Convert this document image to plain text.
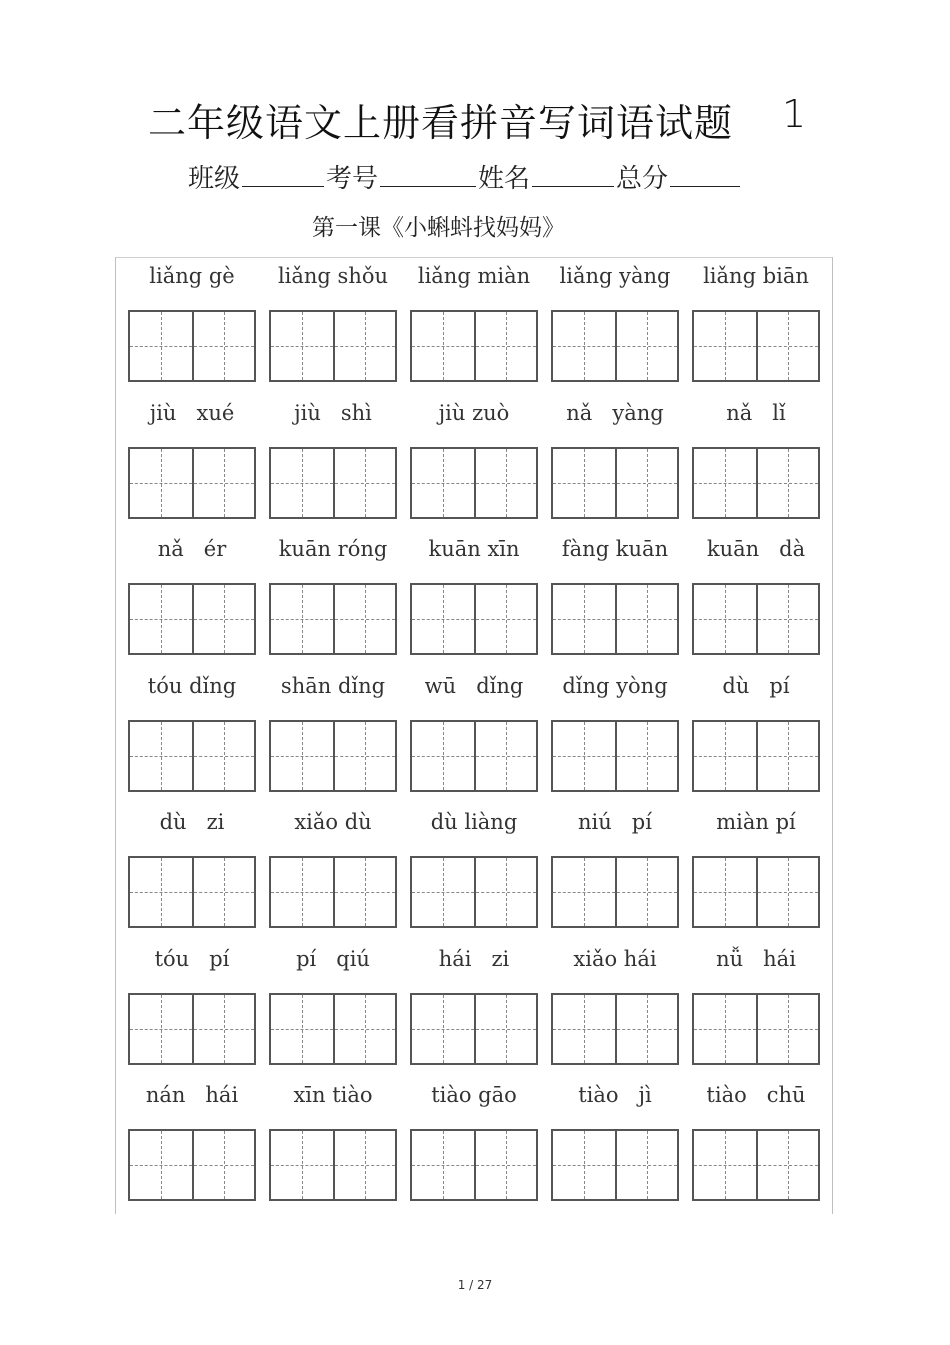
二年级语文上册看拼音写词语试题 1
班级	考号	姓名	总分
第一课《小蝌蚪找妈妈》
liǎng gè	liǎng shǒu	liǎng miàn	liǎng yàng	liǎng biān
jiù   xué	jiù   shì	jiù zuò	nǎ   yàng	nǎ   lǐ
nǎ   ér	kuān róng	kuān xīn	fàng kuān	kuān   dà
tóu dǐng	shān dǐng	wū   dǐng	dǐng yòng	dù   pí
dù   zi	xiǎo dù	dù liàng	niú   pí	miàn pí
tóu   pí	pí   qiú	hái   zi	xiǎo hái	nǚ   hái
nán   hái	xīn tiào	tiào gāo	tiào   jì	tiào   chū
1 / 27
